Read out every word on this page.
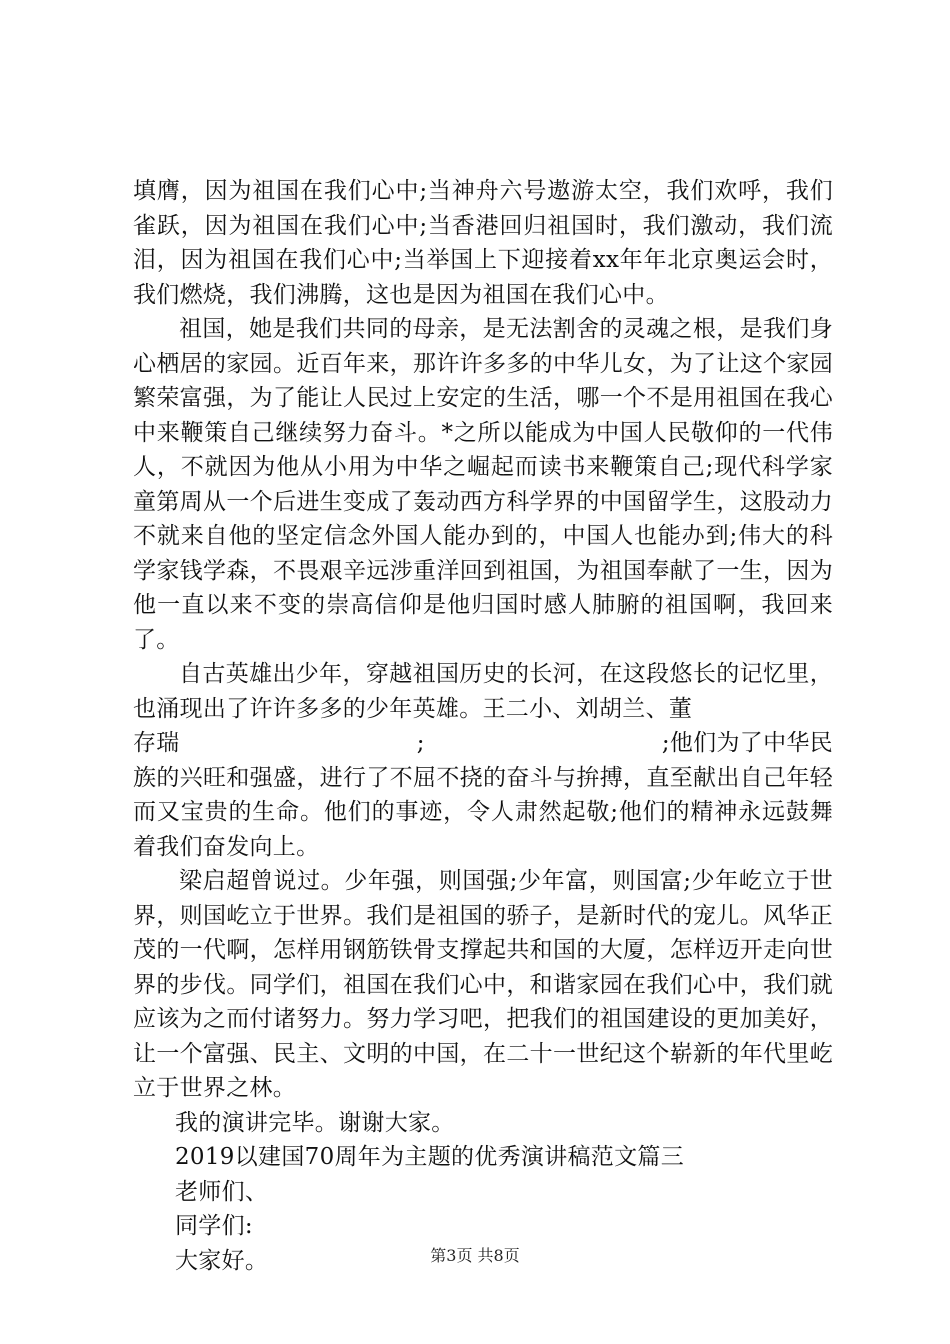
填膺，因为祖国在我们心中;当神舟六号遨游太空，我们欢呼，我们雀跃，因为祖国在我们心中;当香港回归祖国时，我们激动，我们流泪，因为祖国在我们心中;当举国上下迎接着xx年年北京奥运会时，我们燃烧，我们沸腾，这也是因为祖国在我们心中。

祖国，她是我们共同的母亲，是无法割舍的灵魂之根，是我们身心栖居的家园。近百年来，那许许多多的中华儿女，为了让这个家园繁荣富强，为了能让人民过上安定的生活，哪一个不是用祖国在我心中来鞭策自己继续努力奋斗。*之所以能成为中国人民敬仰的一代伟人，不就因为他从小用为中华之崛起而读书来鞭策自己;现代科学家童第周从一个后进生变成了轰动西方科学界的中国留学生，这股动力不就来自他的坚定信念外国人能办到的，中国人也能办到;伟大的科学家钱学森，不畏艰辛远涉重洋回到祖国，为祖国奉献了一生，因为他一直以来不变的崇高信仰是他归国时感人肺腑的祖国啊，我回来了。

自古英雄出少年，穿越祖国历史的长河，在这段悠长的记忆里，也涌现出了许许多多的少年英雄。王二小、刘胡兰、董

存瑞	;	;他们为了中华民

族的兴旺和强盛，进行了不屈不挠的奋斗与拚搏，直至献出自己年轻而又宝贵的生命。他们的事迹，令人肃然起敬;他们的精神永远鼓舞着我们奋发向上。

梁启超曾说过。少年强，则国强;少年富，则国富;少年屹立于世界，则国屹立于世界。我们是祖国的骄子，是新时代的宠儿。风华正茂的一代啊，怎样用钢筋铁骨支撑起共和国的大厦，怎样迈开走向世界的步伐。同学们，祖国在我们心中，和谐家园在我们心中，我们就应该为之而付诸努力。努力学习吧，把我们的祖国建设的更加美好，让一个富强、民主、文明的中国，在二十一世纪这个崭新的年代里屹立于世界之林。

我的演讲完毕。谢谢大家。

2019以建国70周年为主题的优秀演讲稿范文篇三

老师们、

同学们:

大家好。	第3页 共8页
